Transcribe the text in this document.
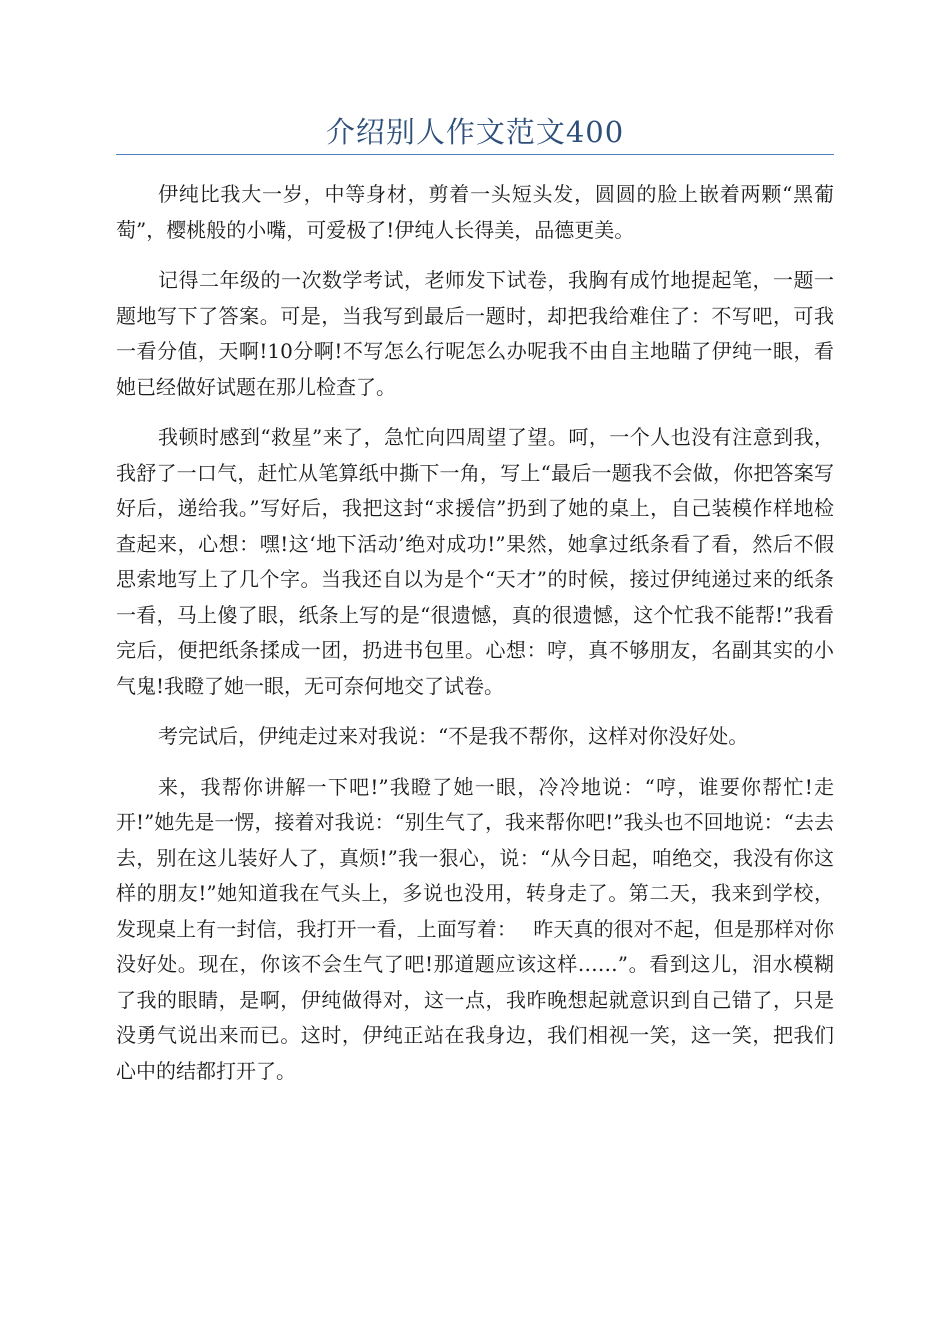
介绍别人作文范文400

伊纯比我大一岁，中等身材，剪着一头短头发，圆圆的脸上嵌着两颗“黑葡萄”，樱桃般的小嘴，可爱极了!伊纯人长得美，品德更美。

记得二年级的一次数学考试，老师发下试卷，我胸有成竹地提起笔，一题一题地写下了答案。可是，当我写到最后一题时，却把我给难住了：不写吧，可我一看分值，天啊!10分啊!不写怎么行呢怎么办呢我不由自主地瞄了伊纯一眼，看她已经做好试题在那儿检查了。

我顿时感到“救星”来了，急忙向四周望了望。呵，一个人也没有注意到我，我舒了一口气，赶忙从笔算纸中撕下一角，写上“最后一题我不会做，你把答案写好后，递给我。”写好后，我把这封“求援信”扔到了她的桌上，自己装模作样地检查起来，心想：嘿!这‘地下活动’绝对成功!”果然，她拿过纸条看了看，然后不假思索地写上了几个字。当我还自以为是个“天才”的时候，接过伊纯递过来的纸条一看，马上傻了眼，纸条上写的是“很遗憾，真的很遗憾，这个忙我不能帮!”我看完后，便把纸条揉成一团，扔进书包里。心想：哼，真不够朋友，名副其实的小气鬼!我瞪了她一眼，无可奈何地交了试卷。

考完试后，伊纯走过来对我说：“不是我不帮你，这样对你没好处。

来，我帮你讲解一下吧!”我瞪了她一眼，冷冷地说：“哼，谁要你帮忙!走开!”她先是一愣，接着对我说：“别生气了，我来帮你吧!”我头也不回地说：“去去去，别在这儿装好人了，真烦!”我一狠心，说：“从今日起，咱绝交，我没有你这样的朋友!”她知道我在气头上，多说也没用，转身走了。第二天，我来到学校，发现桌上有一封信，我打开一看，上面写着：　 昨天真的很对不起，但是那样对你没好处。现在，你该不会生气了吧!那道题应该这样……”。看到这儿，泪水模糊了我的眼睛，是啊，伊纯做得对，这一点，我昨晚想起就意识到自己错了，只是没勇气说出来而已。这时，伊纯正站在我身边，我们相视一笑，这一笑，把我们心中的结都打开了。
